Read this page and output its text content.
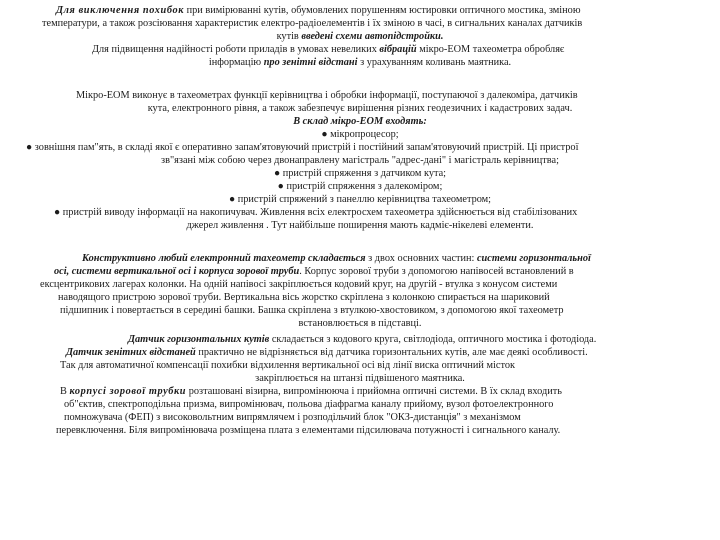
Для виключення похибок при вимірюванні кутів, обумовлених порушенням юстировки оптичного мостика, зміною
температури, а також розсіювання характеристик електро-радіоелементів і їх зміною в часі, в сигнальних каналах датчиків
кутів введені схеми автопідстройки.
Для підвищення надійності роботи приладів в умовах невеликих вібрацій мікро-ЕОМ тахеометра обробляє
інформацію про зенітні відстані з урахуванням коливань маятника.
Мікро-ЕОМ виконує в тахеометрах функції керівництва і обробки інформації, поступаючої з далекоміра, датчиків
кута, електронного рівня, а також забезпечує вирішення різних геодезичних і кадастрових задач.
В склад мікро-ЕОМ входять:
● мікропроцесор;
● зовнішня пам"ять, в складі якої є оперативно запам'ятовуючий пристрій і постійний запам'ятовуючий пристрій. Ці пристрої
зв"язані між собою через двонаправлену магістраль "адрес-дані" і магістраль керівництва;
● пристрій спряження з датчиком кута;
● пристрій спряження з далекоміром;
● пристрій спряжений з панеллю керівництва тахеометром;
● пристрій виводу інформації на накопичувач. Живлення всіх електросхем тахеометра здійснюється від стабілізованих
джерел живлення . Тут найбільше поширення мають кадміє-нікелеві елементи.
Конструктивно любий електронний тахеометр складається з двох основних частин: системи горизонтальної
осі, системи вертикальної осі і корпуса зорової труби. Корпус зорової труби з допомогою напівосей встановлений в
ексцентрикових лагерах колонки. На одній напівосі закріплюється кодовий круг, на другій - втулка з конусом системи
наводящого пристрою зорової труби. Вертикальна вісь жорстко скріплена з колонкою спирається на шариковий
підшипник і повертається в середині башки. Башка скріплена з втулкою-хвостовиком, з допомогою якої тахеометр
встановлюється в підставці.
Датчик горизонтальних кутів складається з кодового круга, світлодіода, оптичного мостика і фотодіода.
Датчик зенітних відстаней практично не відрізняється від датчика горизонтальних кутів, але має деякі особливості.
Так для автоматичної компенсації похибки відхилення вертикальної осі від лінії виска оптичний місток
закріплюється на штанзі підвішеного маятника.
В корпусі зорової трубки розташовані візирна, випромінююча і прийомна оптичні системи. В їх склад входить
об"єктив, спектроподільна призма, випромінювач, польова діафрагма каналу прийому, вузол фотоелектронного
помножувача (ФЕП) з високовольтним випрямлячем і розподільчий блок "ОКЗ-дистанція" з механізмом
перевключення. Біля випромінювача розміщена плата з елементами підсилювача потужності і сигнального каналу.
